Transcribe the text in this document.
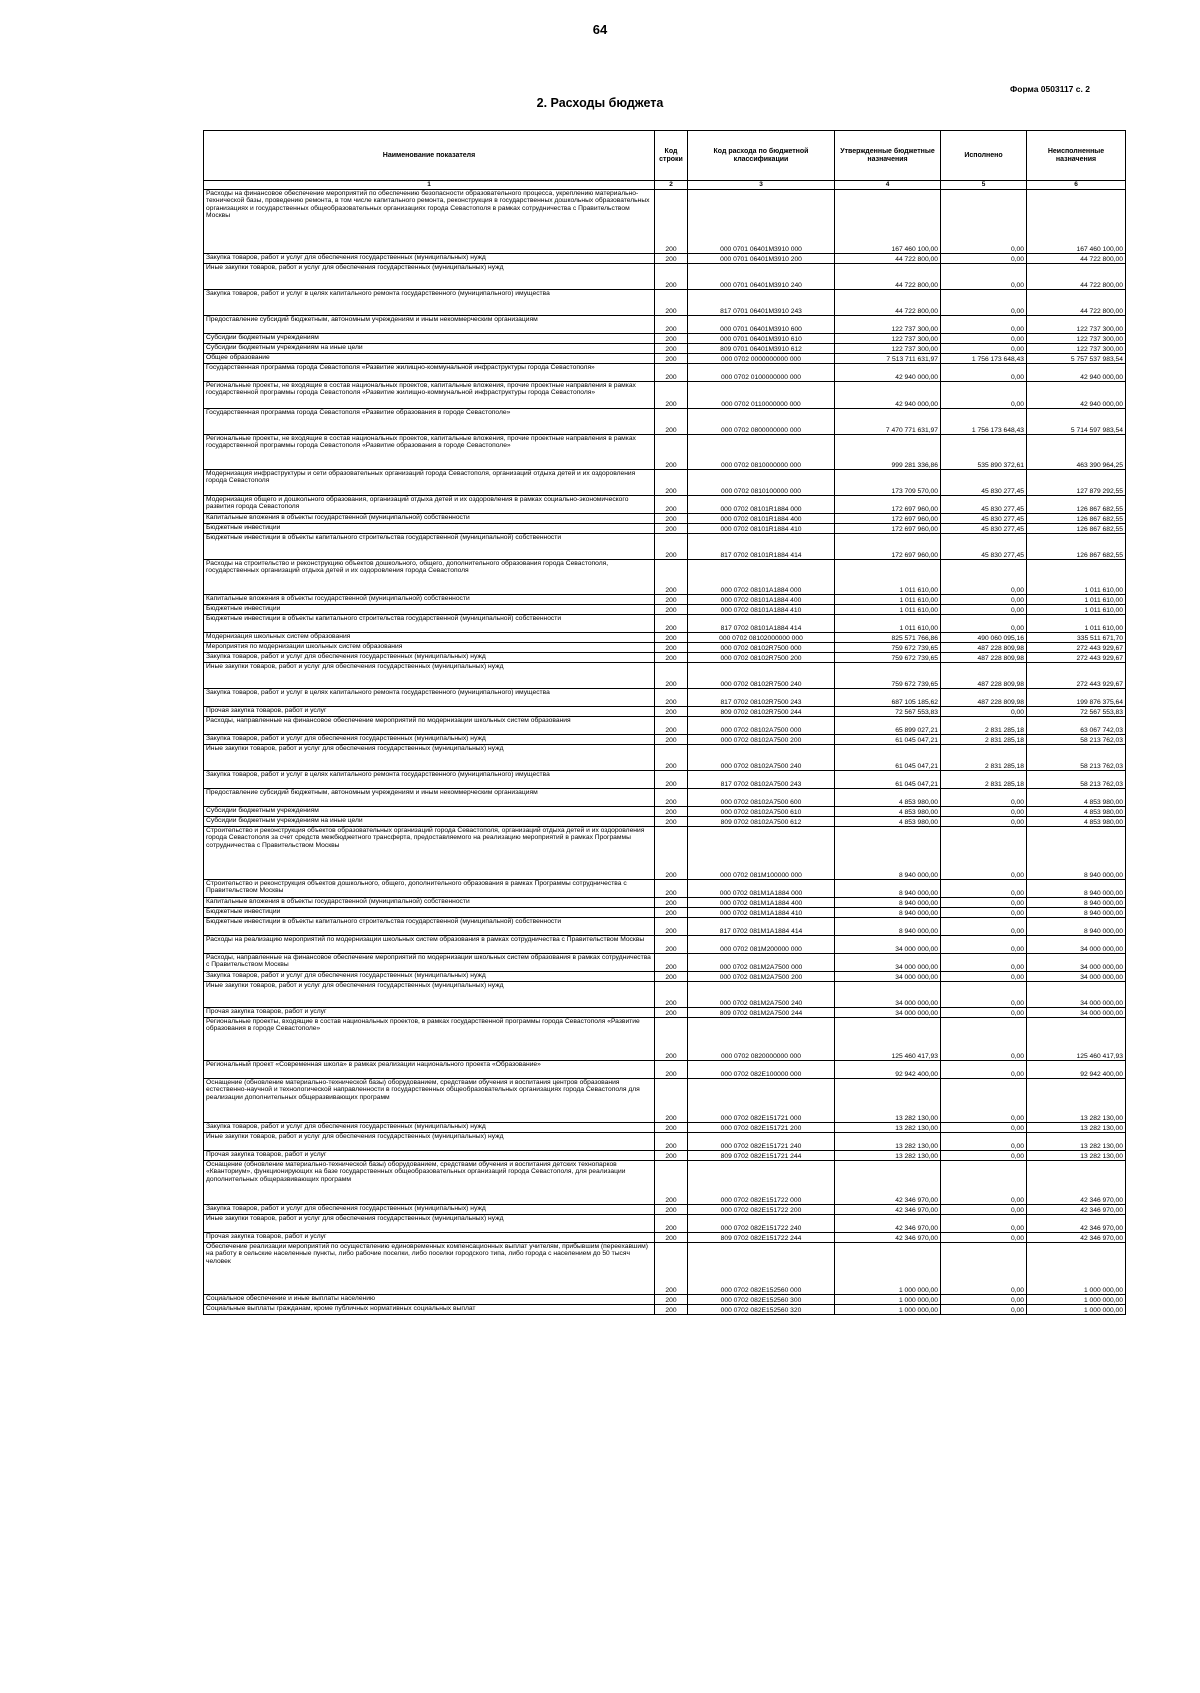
64
Форма 0503117 с. 2
2. Расходы бюджета
Наименование показателя	Код строки	Код расхода по бюджетной классификации	Утвержденные бюджетные назначения	Исполнено	Неисполненные назначения
1	2	3	4	5	6
Расходы на финансовое обеспечение мероприятий по обеспечению безопасности образовательного процесса, укреплению материально-технической базы, проведению ремонта, в том числе капитального ремонта, реконструкция в государственных дошкольных образовательных организациях и государственных общеобразовательных организациях города Севастополя в рамках сотрудничества с Правительством Москвы	200	000 0701 06401М3910 000	167 460 100,00	0,00	167 460 100,00
Закупка товаров, работ и услуг для обеспечения государственных (муниципальных) нужд	200	000 0701 06401М3910 200	44 722 800,00	0,00	44 722 800,00
Иные закупки товаров, работ и услуг для обеспечения государственных (муниципальных) нужд	200	000 0701 06401М3910 240	44 722 800,00	0,00	44 722 800,00
Закупка товаров, работ и услуг в целях капитального ремонта государственного (муниципального) имущества	200	817 0701 06401М3910 243	44 722 800,00	0,00	44 722 800,00
Предоставление субсидий бюджетным, автономным учреждениям и иным некоммерческим организациям	200	000 0701 06401М3910 600	122 737 300,00	0,00	122 737 300,00
Субсидии бюджетным учреждениям	200	000 0701 06401М3910 610	122 737 300,00	0,00	122 737 300,00
Субсидии бюджетным учреждениям на иные цели	200	809 0701 06401М3910 612	122 737 300,00	0,00	122 737 300,00
Общее образование	200	000 0702 0000000000 000	7 513 711 631,97	1 756 173 648,43	5 757 537 983,54
Государственная программа города Севастополя «Развитие жилищно-коммунальной инфраструктуры города Севастополя»	200	000 0702 0100000000 000	42 940 000,00	0,00	42 940 000,00
Региональные проекты, не входящие в состав национальных проектов, капитальные вложения, прочие проектные направления в рамках государственной программы города Севастополя «Развитие жилищно-коммунальной инфраструктуры города Севастополя»	200	000 0702 0110000000 000	42 940 000,00	0,00	42 940 000,00
Государственная программа города Севастополя «Развитие образования в городе Севастополе»	200	000 0702 0800000000 000	7 470 771 631,97	1 756 173 648,43	5 714 597 983,54
Региональные проекты, не входящие в состав национальных проектов, капитальные вложения, прочие проектные направления в рамках государственной программы города Севастополя «Развитие образования в городе Севастополе»	200	000 0702 0810000000 000	999 281 336,86	535 890 372,61	463 390 964,25
Модернизация инфраструктуры и сети образовательных организаций города Севастополя, организаций отдыха детей и их оздоровления города Севастополя	200	000 0702 0810100000 000	173 709 570,00	45 830 277,45	127 879 292,55
Модернизация общего и дошкольного образования, организаций отдыха детей и их оздоровления в рамках социально-экономического развития города Севастополя	200	000 0702 08101R1884 000	172 697 960,00	45 830 277,45	126 867 682,55
Капитальные вложения в объекты государственной (муниципальной) собственности	200	000 0702 08101R1884 400	172 697 960,00	45 830 277,45	126 867 682,55
Бюджетные инвестиции	200	000 0702 08101R1884 410	172 697 960,00	45 830 277,45	126 867 682,55
Бюджетные инвестиции в объекты капитального строительства государственной (муниципальной) собственности	200	817 0702 08101R1884 414	172 697 960,00	45 830 277,45	126 867 682,55
Расходы на строительство и реконструкцию объектов дошкольного, общего, дополнительного образования города Севастополя, государственных организаций отдыха детей и их оздоровления города Севастополя	200	000 0702 08101A1884 000	1 011 610,00	0,00	1 011 610,00
Капитальные вложения в объекты государственной (муниципальной) собственности	200	000 0702 08101A1884 400	1 011 610,00	0,00	1 011 610,00
Бюджетные инвестиции	200	000 0702 08101A1884 410	1 011 610,00	0,00	1 011 610,00
Бюджетные инвестиции в объекты капитального строительства государственной (муниципальной) собственности	200	817 0702 08101A1884 414	1 011 610,00	0,00	1 011 610,00
Модернизация школьных систем образования	200	000 0702 08102000000 000	825 571 766,86	490 060 095,16	335 511 671,70
Мероприятия по модернизации школьных систем образования	200	000 0702 08102R7500 000	759 672 739,65	487 228 809,98	272 443 929,67
Закупка товаров, работ и услуг для обеспечения государственных (муниципальных) нужд	200	000 0702 08102R7500 200	759 672 739,65	487 228 809,98	272 443 929,67
Иные закупки товаров, работ и услуг для обеспечения государственных (муниципальных) нужд	200	000 0702 08102R7500 240	759 672 739,65	487 228 809,98	272 443 929,67
Закупка товаров, работ и услуг в целях капитального ремонта государственного (муниципального) имущества	200	817 0702 08102R7500 243	687 105 185,62	487 228 809,98	199 876 375,64
Прочая закупка товаров, работ и услуг	200	809 0702 08102R7500 244	72 567 553,83	0,00	72 567 553,83
Расходы, направленные на финансовое обеспечение мероприятий по модернизации школьных систем образования	200	000 0702 08102A7500 000	65 899 027,21	2 831 285,18	63 067 742,03
Закупка товаров, работ и услуг для обеспечения государственных (муниципальных) нужд	200	000 0702 08102A7500 200	61 045 047,21	2 831 285,18	58 213 762,03
Иные закупки товаров, работ и услуг для обеспечения государственных (муниципальных) нужд	200	000 0702 08102A7500 240	61 045 047,21	2 831 285,18	58 213 762,03
Закупка товаров, работ и услуг в целях капитального ремонта государственного (муниципального) имущества	200	817 0702 08102A7500 243	61 045 047,21	2 831 285,18	58 213 762,03
Предоставление субсидий бюджетным, автономным учреждениям и иным некоммерческим организациям	200	000 0702 08102A7500 600	4 853 980,00	0,00	4 853 980,00
Субсидии бюджетным учреждениям	200	000 0702 08102A7500 610	4 853 980,00	0,00	4 853 980,00
Субсидии бюджетным учреждениям на иные цели	200	809 0702 08102A7500 612	4 853 980,00	0,00	4 853 980,00
Строительство и реконструкция объектов образовательных организаций города Севастополя, организаций отдыха детей и их оздоровления города Севастополя за счет средств межбюджетного трансферта, предоставляемого на реализацию мероприятий в рамках Программы сотрудничества с Правительством Москвы	200	000 0702 081M100000 000	8 940 000,00	0,00	8 940 000,00
Строительство и реконструкция объектов дошкольного, общего, дополнительного образования в рамках Программы сотрудничества с Правительством Москвы	200	000 0702 081M1A1884 000	8 940 000,00	0,00	8 940 000,00
Капитальные вложения в объекты государственной (муниципальной) собственности	200	000 0702 081M1A1884 400	8 940 000,00	0,00	8 940 000,00
Бюджетные инвестиции	200	000 0702 081M1A1884 410	8 940 000,00	0,00	8 940 000,00
Бюджетные инвестиции в объекты капитального строительства государственной (муниципальной) собственности	200	817 0702 081M1A1884 414	8 940 000,00	0,00	8 940 000,00
Расходы на реализацию мероприятий по модернизации школьных систем образования в рамках сотрудничества с Правительством Москвы	200	000 0702 081M200000 000	34 000 000,00	0,00	34 000 000,00
Расходы, направленные на финансовое обеспечение мероприятий по модернизации школьных систем образования в рамках сотрудничества с Правительством Москвы	200	000 0702 081M2A7500 000	34 000 000,00	0,00	34 000 000,00
Закупка товаров, работ и услуг для обеспечения государственных (муниципальных) нужд	200	000 0702 081M2A7500 200	34 000 000,00	0,00	34 000 000,00
Иные закупки товаров, работ и услуг для обеспечения государственных (муниципальных) нужд	200	000 0702 081M2A7500 240	34 000 000,00	0,00	34 000 000,00
Прочая закупка товаров, работ и услуг	200	809 0702 081M2A7500 244	34 000 000,00	0,00	34 000 000,00
Региональные проекты, входящие в состав национальных проектов, в рамках государственной программы города Севастополя «Развитие образования в городе Севастополе»	200	000 0702 0820000000 000	125 460 417,93	0,00	125 460 417,93
Региональный проект «Современная школа» в рамках реализации национального проекта «Образование»	200	000 0702 082E100000 000	92 942 400,00	0,00	92 942 400,00
Оснащение (обновление материально-технической базы) оборудованием, средствами обучения и воспитания центров образования естественно-научной и технологической направленности в государственных общеобразовательных организациях города Севастополя для реализации дополнительных общеразвивающих программ	200	000 0702 082E151721 000	13 282 130,00	0,00	13 282 130,00
Закупка товаров, работ и услуг для обеспечения государственных (муниципальных) нужд	200	000 0702 082E151721 200	13 282 130,00	0,00	13 282 130,00
Иные закупки товаров, работ и услуг для обеспечения государственных (муниципальных) нужд	200	000 0702 082E151721 240	13 282 130,00	0,00	13 282 130,00
Прочая закупка товаров, работ и услуг	200	809 0702 082E151721 244	13 282 130,00	0,00	13 282 130,00
Оснащение (обновление материально-технической базы) оборудованием, средствами обучения и воспитания детских технопарков «Кванториум», функционирующих на базе государственных общеобразовательных организаций города Севастополя, для реализации дополнительных общеразвивающих программ	200	000 0702 082E151722 000	42 346 970,00	0,00	42 346 970,00
Закупка товаров, работ и услуг для обеспечения государственных (муниципальных) нужд	200	000 0702 082E151722 200	42 346 970,00	0,00	42 346 970,00
Иные закупки товаров, работ и услуг для обеспечения государственных (муниципальных) нужд	200	000 0702 082E151722 240	42 346 970,00	0,00	42 346 970,00
Прочая закупка товаров, работ и услуг	200	809 0702 082E151722 244	42 346 970,00	0,00	42 346 970,00
Обеспечение реализации мероприятий по осуществлению единовременных компенсационных выплат учителям, прибывшим (переехавшим) на работу в сельские населенные пункты, либо рабочие поселки, либо поселки городского типа, либо города с населением до 50 тысяч человек	200	000 0702 082E152560 000	1 000 000,00	0,00	1 000 000,00
Социальное обеспечение и иные выплаты населению	200	000 0702 082E152560 300	1 000 000,00	0,00	1 000 000,00
Социальные выплаты гражданам, кроме публичных нормативных социальных выплат	200	000 0702 082E152560 320	1 000 000,00	0,00	1 000 000,00
